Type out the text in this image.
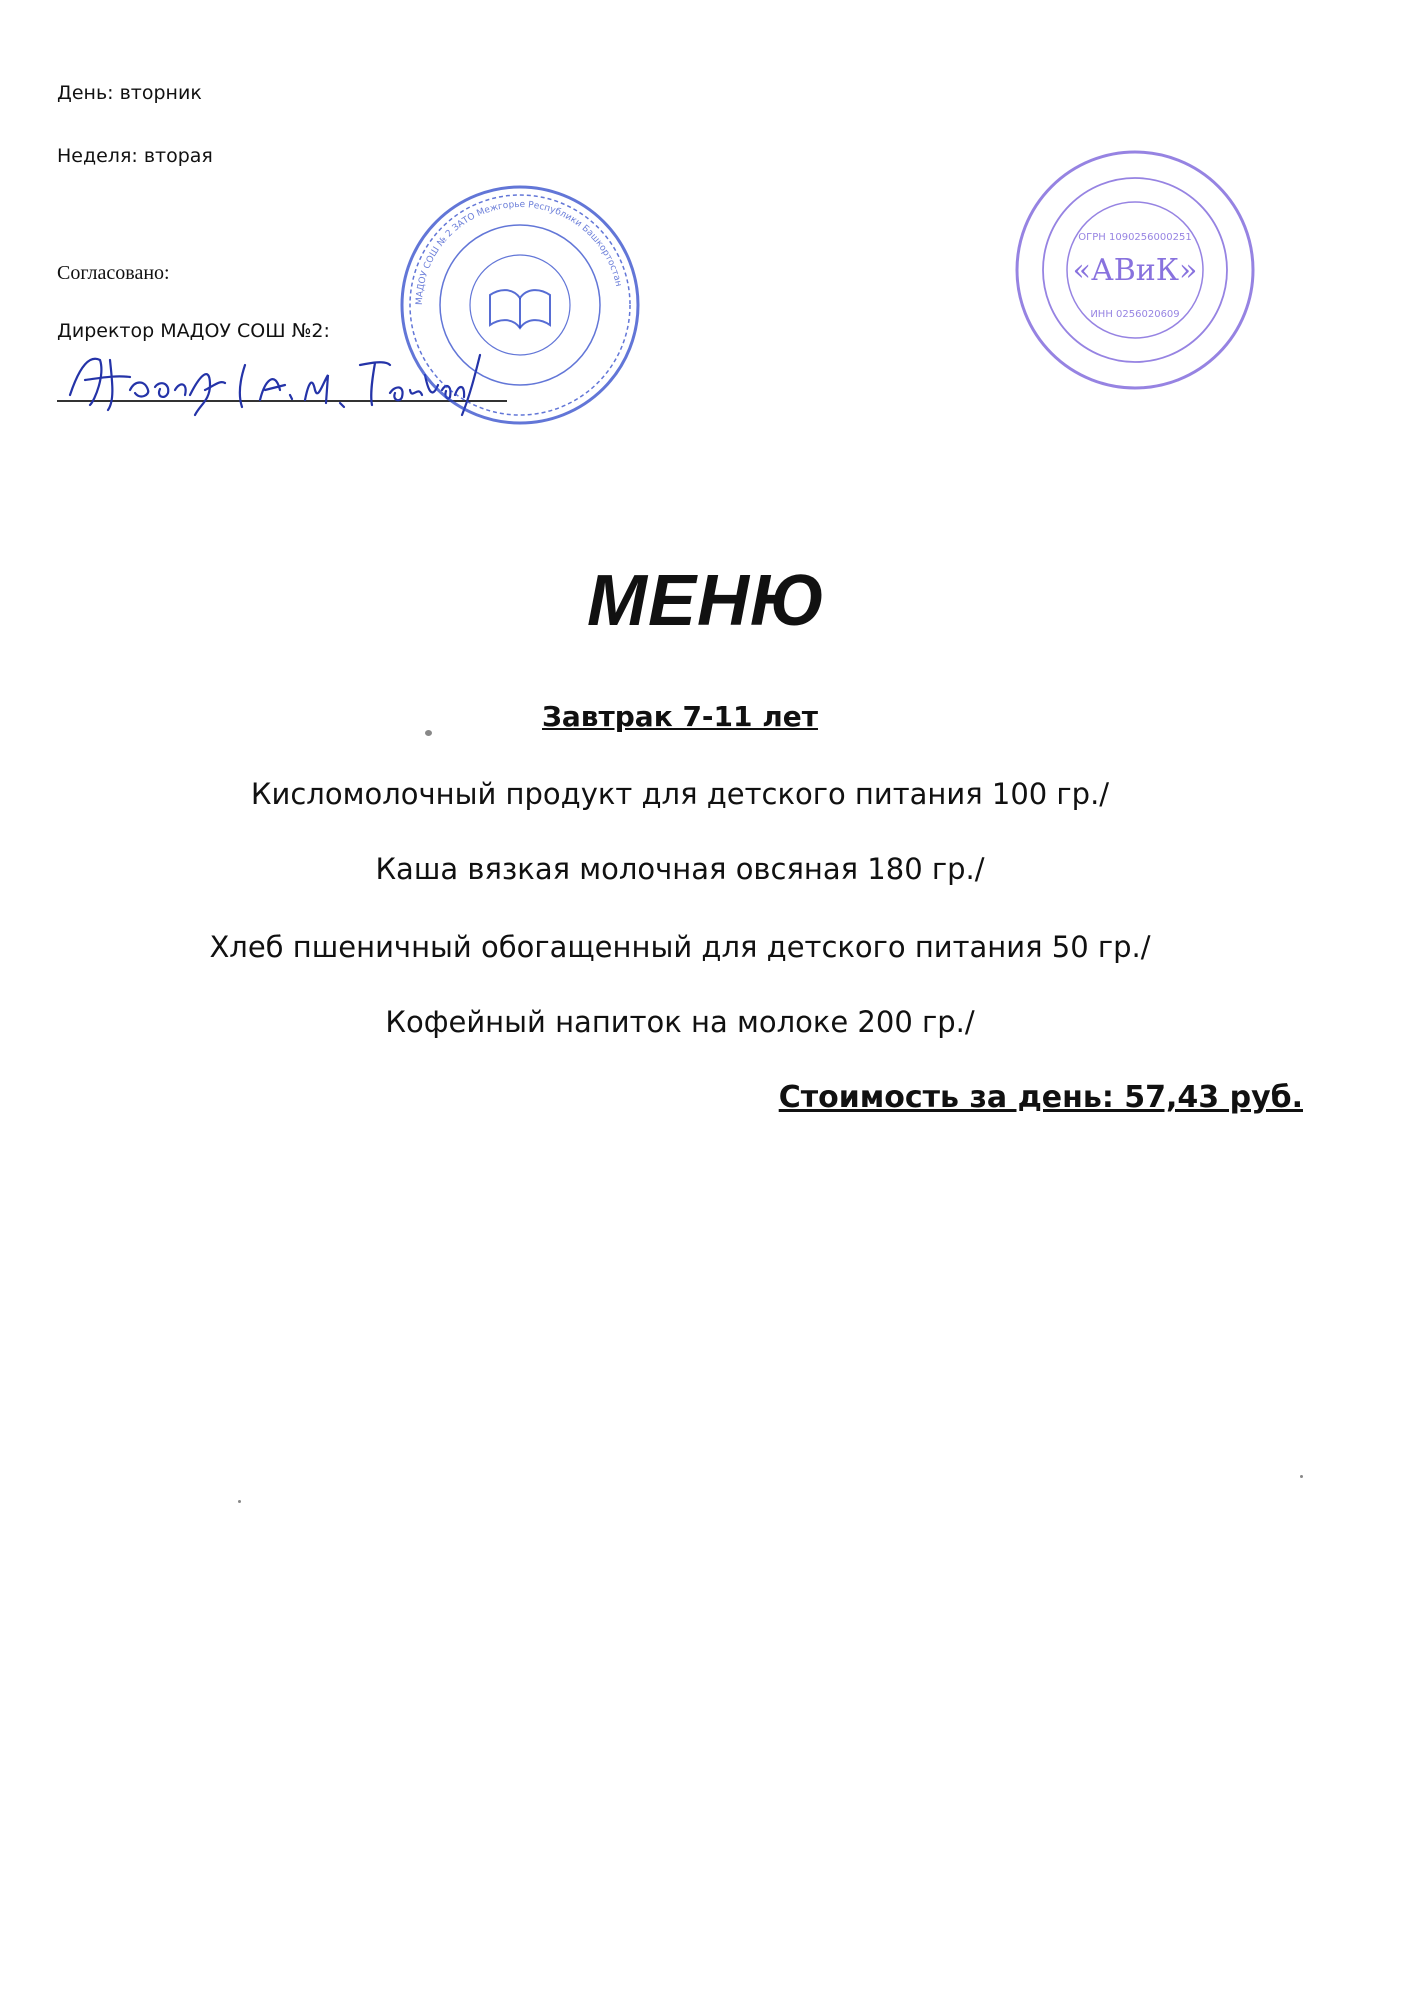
День: вторник
Неделя: вторая
Согласовано:
Директор МАДОУ СОШ №2:
МАДОУ СОШ № 2 ЗАТО Межгорье Республики Башкортостан	«АВиК»
ОГРН 1090256000251
ИНН 0256020609
МЕНЮ
Завтрак 7-11 лет
Кисломолочный продукт для детского питания 100 гр./
Каша вязкая молочная овсяная 180 гр./
Хлеб пшеничный обогащенный для детского питания 50 гр./
Кофейный напиток на молоке 200 гр./
Стоимость за день: 57,43 руб.
